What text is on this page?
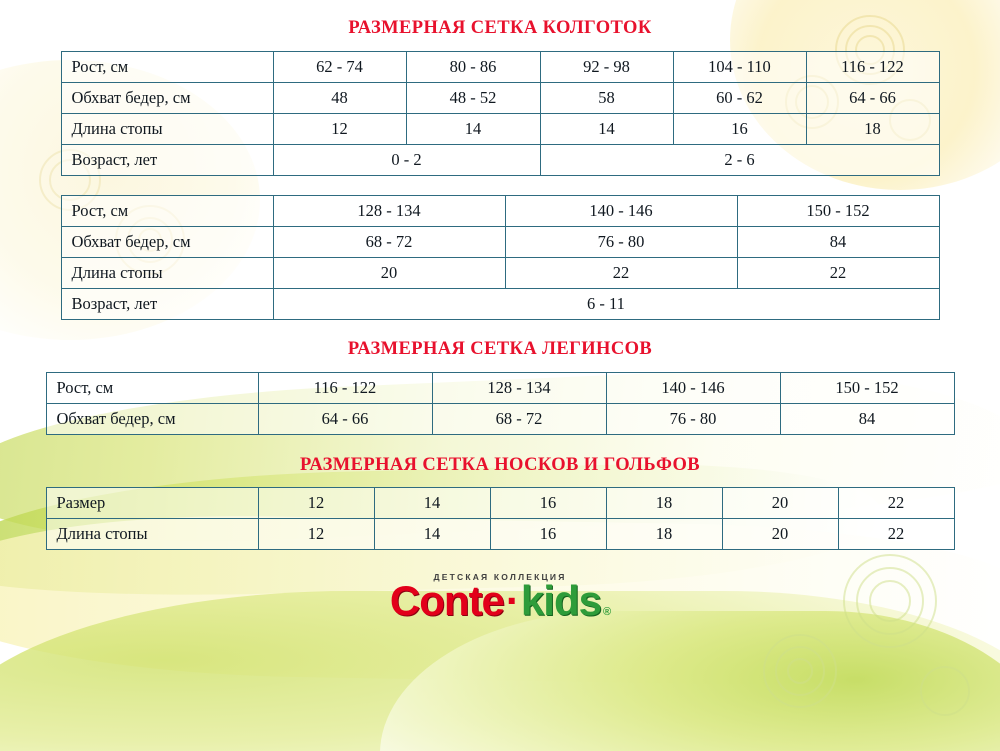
РАЗМЕРНАЯ СЕТКА КОЛГОТОК
Рост, см	62 - 74	80 - 86	92 - 98	104 - 110	116 - 122
Обхват бедер, см	48	48 - 52	58	60 - 62	64 - 66
Длина стопы	12	14	14	16	18
Возраст, лет	0 - 2		2 - 6		
Рост, см	128 - 134	140 - 146	150 - 152
Обхват бедер, см	68 - 72	76 - 80	84
Длина стопы	20	22	22
Возраст, лет	6 - 11		
РАЗМЕРНАЯ СЕТКА ЛЕГИНСОВ
Рост, см	116 - 122	128 - 134	140 - 146	150 - 152
Обхват бедер, см	64 - 66	68 - 72	76 - 80	84
РАЗМЕРНАЯ СЕТКА НОСКОВ И ГОЛЬФОВ
Размер	12	14	16	18	20	22
Длина стопы	12	14	16	18	20	22
ДЕТСКАЯ КОЛЛЕКЦИЯ
Conte · kids ®
